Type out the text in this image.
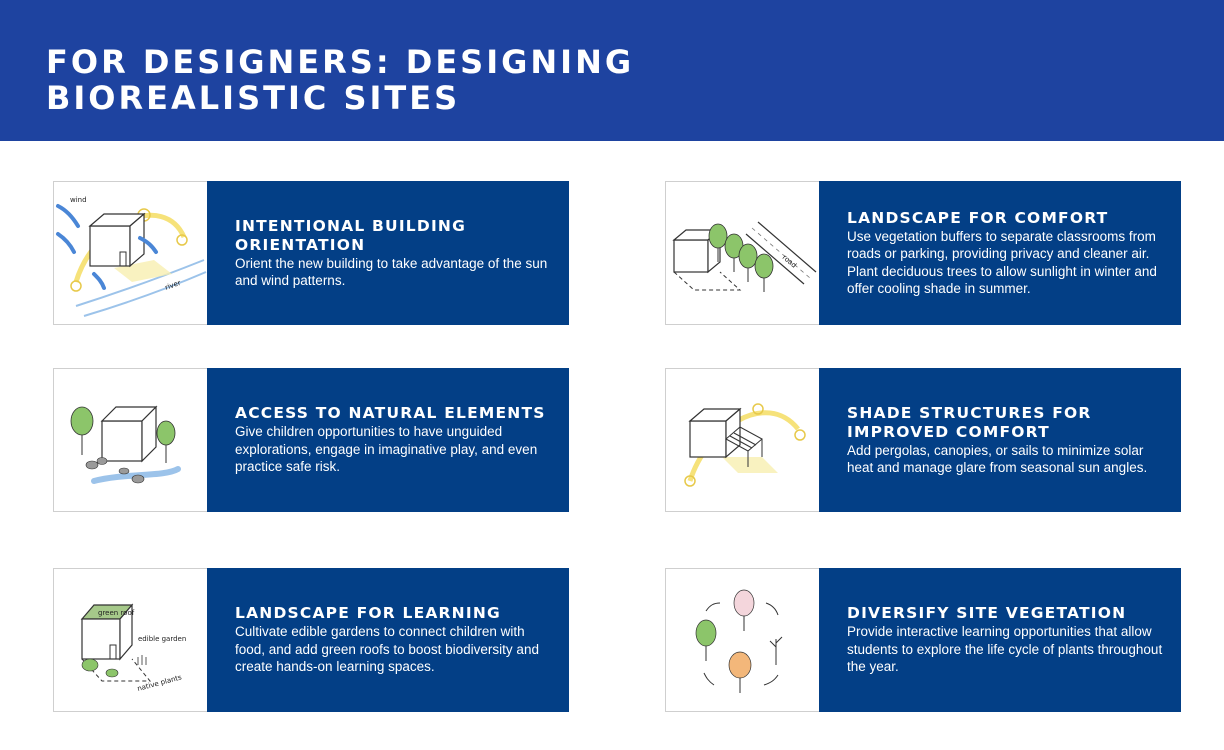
FOR DESIGNERS: DESIGNING
BIOREALISTIC SITES
wind
river
INTENTIONAL BUILDING ORIENTATION

Orient the new building to take advantage of the sun and wind patterns.

road
LANDSCAPE FOR COMFORT

Use vegetation buffers to separate classrooms from roads or parking, providing privacy and cleaner air. Plant deciduous trees to allow sunlight in winter and offer cooling shade in summer.

ACCESS TO NATURAL ELEMENTS

Give children opportunities to have unguided explorations, engage in imaginative play, and even practice safe risk.

SHADE STRUCTURES FOR IMPROVED COMFORT

Add pergolas, canopies, or sails to minimize solar heat and manage glare from seasonal sun angles.

green roof
edible garden
native plants
LANDSCAPE FOR LEARNING

Cultivate edible gardens to connect children with food, and add green roofs to boost biodiversity and create hands-on learning spaces.

DIVERSIFY SITE VEGETATION

Provide interactive learning opportunities that allow students to explore the life cycle of plants throughout the year.
